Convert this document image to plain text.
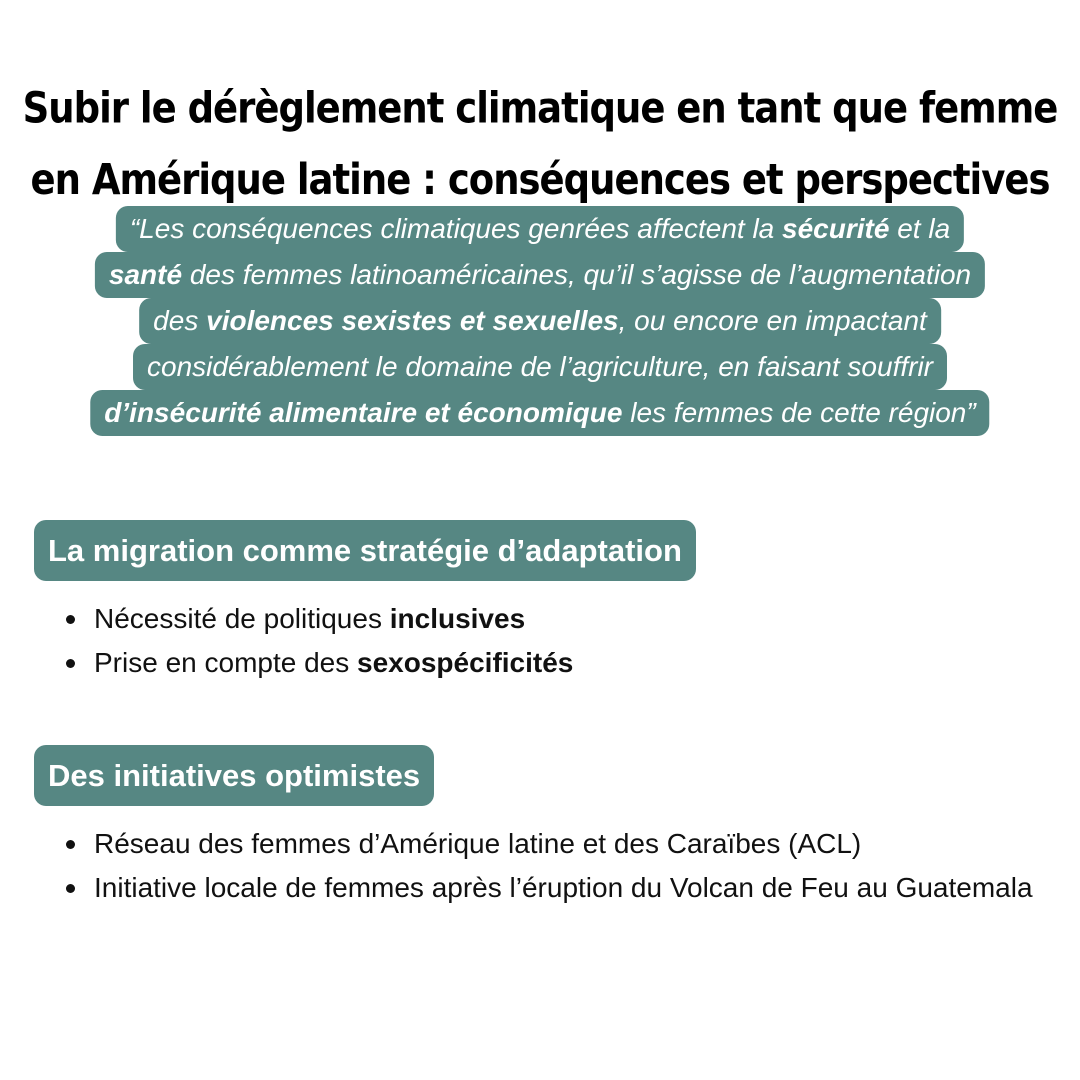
Subir le dérèglement climatique en tant que femme
en Amérique latine : conséquences et perspectives
“Les conséquences climatiques genrées affectent la sécurité et la
santé des femmes latinoaméricaines, qu’il s’agisse de l’augmentation
des violences sexistes et sexuelles, ou encore en impactant
considérablement le domaine de l’agriculture, en faisant souffrir
d’insécurité alimentaire et économique les femmes de cette région”
La migration comme stratégie d’adaptation
Nécessité de politiques inclusives
Prise en compte des sexospécificités
Des initiatives optimistes
Réseau des femmes d’Amérique latine et des Caraïbes (ACL)
Initiative locale de femmes après l’éruption du Volcan de Feu au Guatemala
